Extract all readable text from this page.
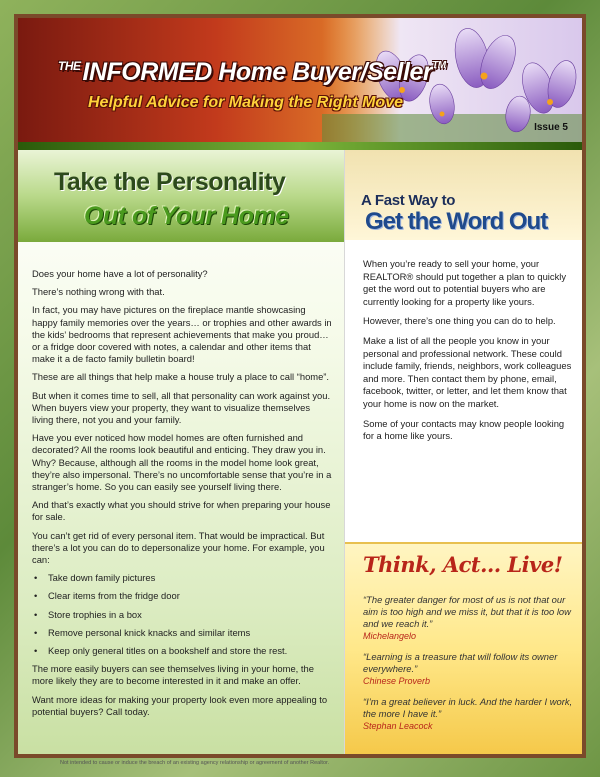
$^{THE}$INFORMED Home Buyer/Seller™
Helpful Advice for Making the Right Move
Issue 5
Take the Personality
Out of Your Home

Does your home have a lot of personality?

There’s nothing wrong with that.

In fact, you may have pictures on the fireplace mantle showcasing happy family memories over the years… or trophies and other awards in the kids’ bedrooms that represent achievements that make you proud… or a fridge door covered with notes, a calendar and other items that make it a de facto family bulletin board!

These are all things that help make a house truly a place to call “home”.

But when it comes time to sell, all that personality can work against you. When buyers view your property, they want to visualize themselves living there, not you and your family.

Have you ever noticed how model homes are often furnished and decorated? All the rooms look beautiful and enticing. They draw you in. Why? Because, although all the rooms in the model home look great, they’re also impersonal. There’s no uncomfortable sense that you’re in a stranger’s home. So you can easily see yourself living there.

And that’s exactly what you should strive for when preparing your house for sale.

You can’t get rid of every personal item. That would be impractical. But there’s a lot you can do to depersonalize your home. For example, you can:

• Take down family pictures
• Clear items from the fridge door
• Store trophies in a box
• Remove personal knick knacks and similar items
• Keep only general titles on a bookshelf and store the rest.

The more easily buyers can see themselves living in your home, the more likely they are to become interested in it and make an offer.

Want more ideas for making your property look even more appealing to potential buyers? Call today.

A Fast Way to
Get the Word Out

When you’re ready to sell your home, your REALTOR® should put together a plan to quickly get the word out to potential buyers who are currently looking for a property like yours.

However, there’s one thing you can do to help.

Make a list of all the people you know in your personal and professional network. These could include family, friends, neighbors, work colleagues and more. Then contact them by phone, email, facebook, twitter, or letter, and let them know that your home is now on the market.

Some of your contacts may know people looking for a home like yours.

Think, Act… Live!
“The greater danger for most of us is not that our aim is too high and we miss it, but that it is too low and we reach it.”
Michelangelo
“Learning is a treasure that will follow its owner everywhere.”
Chinese Proverb
“I’m a great believer in luck. And the harder I work, the more I have it.”
Stephan Leacock
Not intended to cause or induce the breach of an existing agency relationship or agreement of another Realtor.
